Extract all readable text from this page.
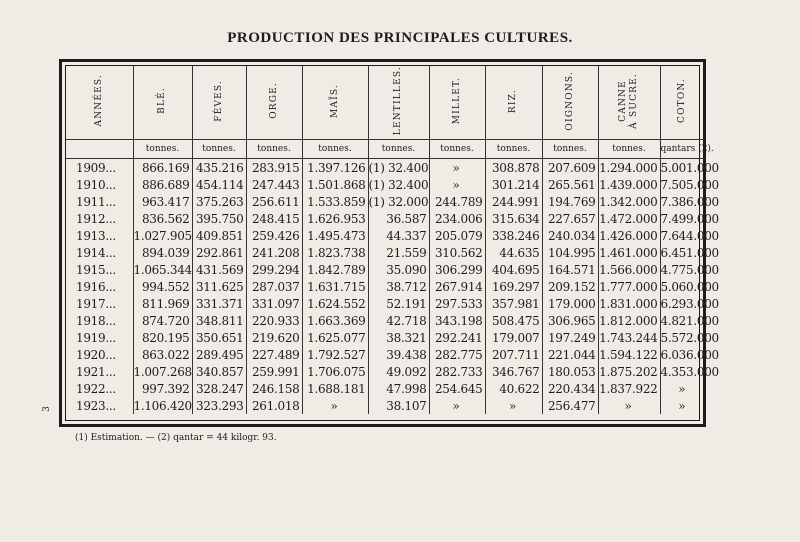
PRODUCTION DES PRINCIPALES CULTURES.
ANNÉES.	BLÉ.	FÈVES.	ORGE.	MAÏS.	LENTILLES.	MILLET.	RIZ.	OIGNONS.	CANNE
À SUCRE.	COTON.
	tonnes.	tonnes.	tonnes.	tonnes.	tonnes.	tonnes.	tonnes.	tonnes.	tonnes.	qantars (2).
1909...	866.169	435.216	283.915	1.397.126	(1) 32.400	»	308.878	207.609	1.294.000	5.001.000
1910...	886.689	454.114	247.443	1.501.868	(1) 32.400	»	301.214	265.561	1.439.000	7.505.000
1911...	963.417	375.263	256.611	1.533.859	(1) 32.000	244.789	244.991	194.769	1.342.000	7.386.000
1912...	836.562	395.750	248.415	1.626.953	36.587	234.006	315.634	227.657	1.472.000	7.499.000
1913...	1.027.905	409.851	259.426	1.495.473	44.337	205.079	338.246	240.034	1.426.000	7.644.000
1914...	894.039	292.861	241.208	1.823.738	21.559	310.562	44.635	104.995	1.461.000	6.451.000
1915...	1.065.344	431.569	299.294	1.842.789	35.090	306.299	404.695	164.571	1.566.000	4.775.000
1916...	994.552	311.625	287.037	1.631.715	38.712	267.914	169.297	209.152	1.777.000	5.060.000
1917...	811.969	331.371	331.097	1.624.552	52.191	297.533	357.981	179.000	1.831.000	6.293.000
1918...	874.720	348.811	220.933	1.663.369	42.718	343.198	508.475	306.965	1.812.000	4.821.000
1919...	820.195	350.651	219.620	1.625.077	38.321	292.241	179.007	197.249	1.743.244	5.572.000
1920...	863.022	289.495	227.489	1.792.527	39.438	282.775	207.711	221.044	1.594.122	6.036.000
1921...	1.007.268	340.857	259.991	1.706.075	49.092	282.733	346.767	180.053	1.875.202	4.353.000
1922...	997.392	328.247	246.158	1.688.181	47.998	254.645	40.622	220.434	1.837.922	»
1923...	1.106.420	323.293	261.018	»	38.107	»	»	256.477	»	»
(1) Estimation. — (2) qantar = 44 kilogr. 93.
3
